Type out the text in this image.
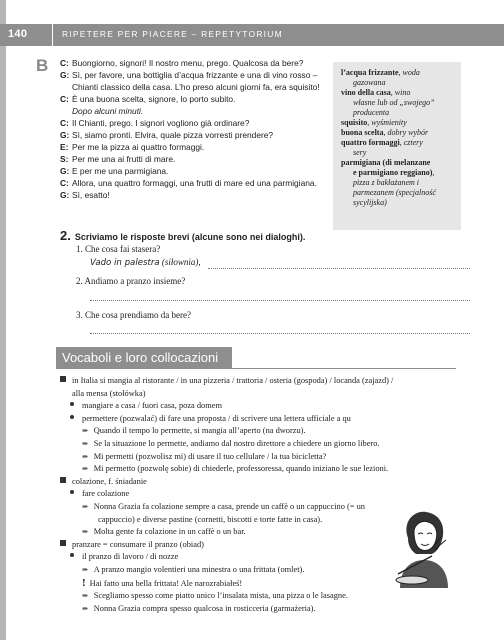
140	RIPETERE PER PIACERE – REPETYTORIUM
B C: Buongiorno, signori! Il nostro menu, prego. Qualcosa da bere?
G: Sì, per favore, una bottiglia d’acqua frizzante e una di vino rosso –
Chianti classico della casa. L’ho preso alcuni giorni fa, era squisito!
C: È una buona scelta, signore, lo porto subito.
Dopo alcuni minuti.
C: Il Chianti, prego. I signori vogliono già ordinare?
G: Sì, siamo pronti. Elvira, quale pizza vorresti prendere?
E: Per me la pizza ai quattro formaggi.
S: Per me una ai frutti di mare.
G: E per me una parmigiana.
C: Allora, una quattro formaggi, una frutti di mare ed una parmigiana.
G: Sì, esatto!
l’acqua frizzante, woda
gazowana
vino della casa, wino
własne lub od „swojego”
producenta
squisito, wyśmienity
buona scelta, dobry wybór
quattro formaggi, cztery
sery
parmigiana (di melanzane
e parmigiano reggiano),
pizza z bakłażanem i
parmezanem (specjalność
sycylijska)
2. Scriviamo le risposte brevi (alcune sono nei dialoghi).
1. Che cosa fai stasera?
Vado in palestra (siłownia),
2. Andiamo a pranzo insieme?
3. Che cosa prendiamo da bere?
Vocaboli e loro collocazioni
in Italia si mangia al ristorante / in una pizzeria / trattoria / osteria (gospoda) / locanda (zajazd) /
alla mensa (stołówka)
mangiare a casa / fuori casa, poza domem
permettere (pozwalać) di fare una proposta / di scrivere una lettera ufficiale a qu
➨ Quando il tempo lo permette, si mangia all’aperto (na dworzu).
➨ Se la situazione lo permette, andiamo dal nostro direttore a chiedere un giorno libero.
➨ Mi permetti (pozwolisz mi) di usare il tuo cellulare / la tua bicicletta?
➨ Mi permetto (pozwolę sobie) di chiederle, professoressa, quando iniziano le sue lezioni.
colazione, f. śniadanie
fare colazione
➨ Nonna Grazia fa colazione sempre a casa, prende un caffè o un cappuccino (= un
cappuccio) e diverse pastine (cornetti, biscotti e torte fatte in casa).
➨ Molta gente fa colazione in un caffè o un bar.
pranzare = consumare il pranzo (obiad)
il pranzo di lavoro / di nozze
➨ A pranzo mangio volentieri una minestra o una frittata (omlet).
! Hai fatto una bella frittata! Ale narozrabiałeś!
➨ Scegliamo spesso come piatto unico l’insalata mista, una pizza o le lasagne.
➨ Nonna Grazia compra spesso qualcosa in rosticceria (garmażeria).
